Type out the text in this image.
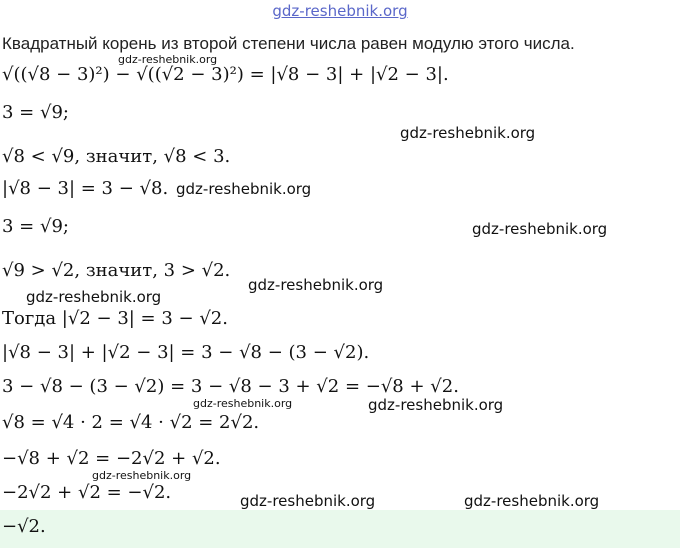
gdz-reshebnik.org
Квадратный корень из второй степени числа равен модулю этого числа.
√((√8 − 3)²) − √((√2 − 3)²) = |√8 − 3| + |√2 − 3|.
3 = √9;
√8 < √9, значит, √8 < 3.
|√8 − 3| = 3 − √8.
3 = √9;
√9 > √2, значит, 3 > √2.
Тогда |√2 − 3| = 3 − √2.
|√8 − 3| + |√2 − 3| = 3 − √8 − (3 − √2).
3 − √8 − (3 − √2) = 3 − √8 − 3 + √2 = −√8 + √2.
√8 = √4 · 2 = √4 · √2 = 2√2.
−√8 + √2 = −2√2 + √2.
−2√2 + √2 = −√2.
−√2.
gdz-reshebnik.org
gdz-reshebnik.org
gdz-reshebnik.org
gdz-reshebnik.org
gdz-reshebnik.org
gdz-reshebnik.org
gdz-reshebnik.org	gdz-reshebnik.org
gdz-reshebnik.org
gdz-reshebnik.org	gdz-reshebnik.org
